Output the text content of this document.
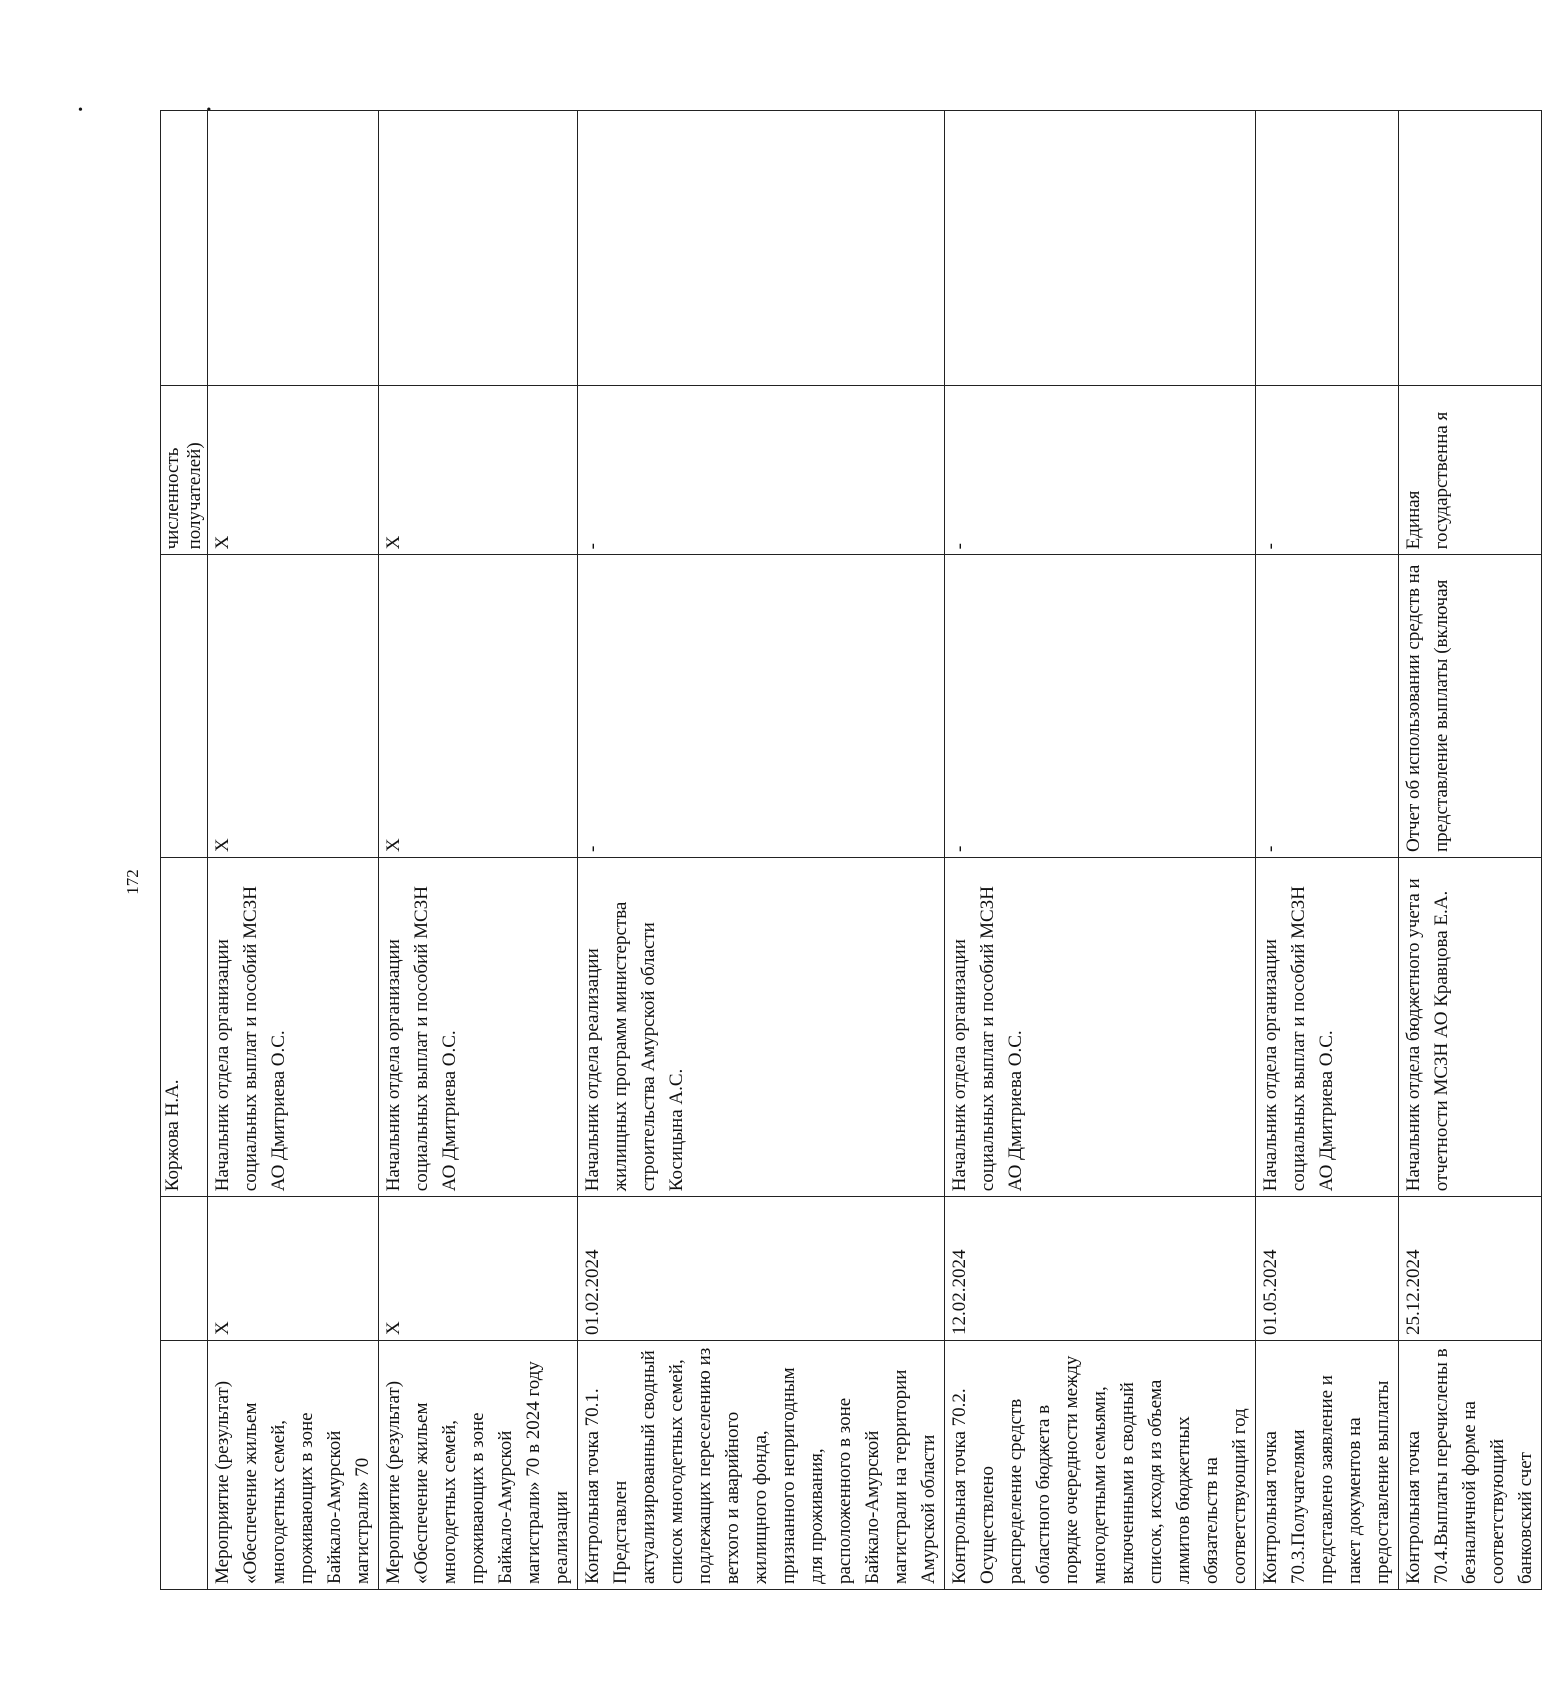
• •
172
		Коржова Н.А.		численность получателей)	
Мероприятие (результат) «Обеспечение жильем многодетных семей, проживающих в зоне Байкало-Амурской магистрали» 70	X	Начальник отдела организации социальных выплат и пособий МСЗН АО Дмитриева О.С.	X	X	
Мероприятие (результат) «Обеспечение жильем многодетных семей, проживающих в зоне Байкало-Амурской магистрали» 70 в 2024 году реализации	X	Начальник отдела организации социальных выплат и пособий МСЗН АО Дмитриева О.С.	X	X	
Контрольная точка 70.1. Представлен актуализированный сводный список многодетных семей, подлежащих переселению из ветхого и аварийного жилищного фонда, признанного непригодным для проживания, расположенного в зоне Байкало-Амурской магистрали на территории Амурской области	01.02.2024	Начальник отдела реализации жилищных программ министерства строительства Амурской области Косицына А.С.	-	-	
Контрольная точка 70.2. Осуществлено распределение средств областного бюджета в порядке очередности между многодетными семьями, включенными в сводный список, исходя из объема лимитов бюджетных обязательств на соответствующий год	12.02.2024	Начальник отдела организации социальных выплат и пособий МСЗН АО Дмитриева О.С.	-	-	
Контрольная точка 70.3.Получателями представлено заявление и пакет документов на предоставление выплаты	01.05.2024	Начальник отдела организации социальных выплат и пособий МСЗН АО Дмитриева О.С.	-	-	
Контрольная точка 70.4.Выплаты перечислены в безналичной форме на соответствующий банковский счет	25.12.2024	Начальник отдела бюджетного учета и отчетности МСЗН АО Кравцова Е.А.	Отчет об использовании средств на представление выплаты (включая	Единая государственна я	
